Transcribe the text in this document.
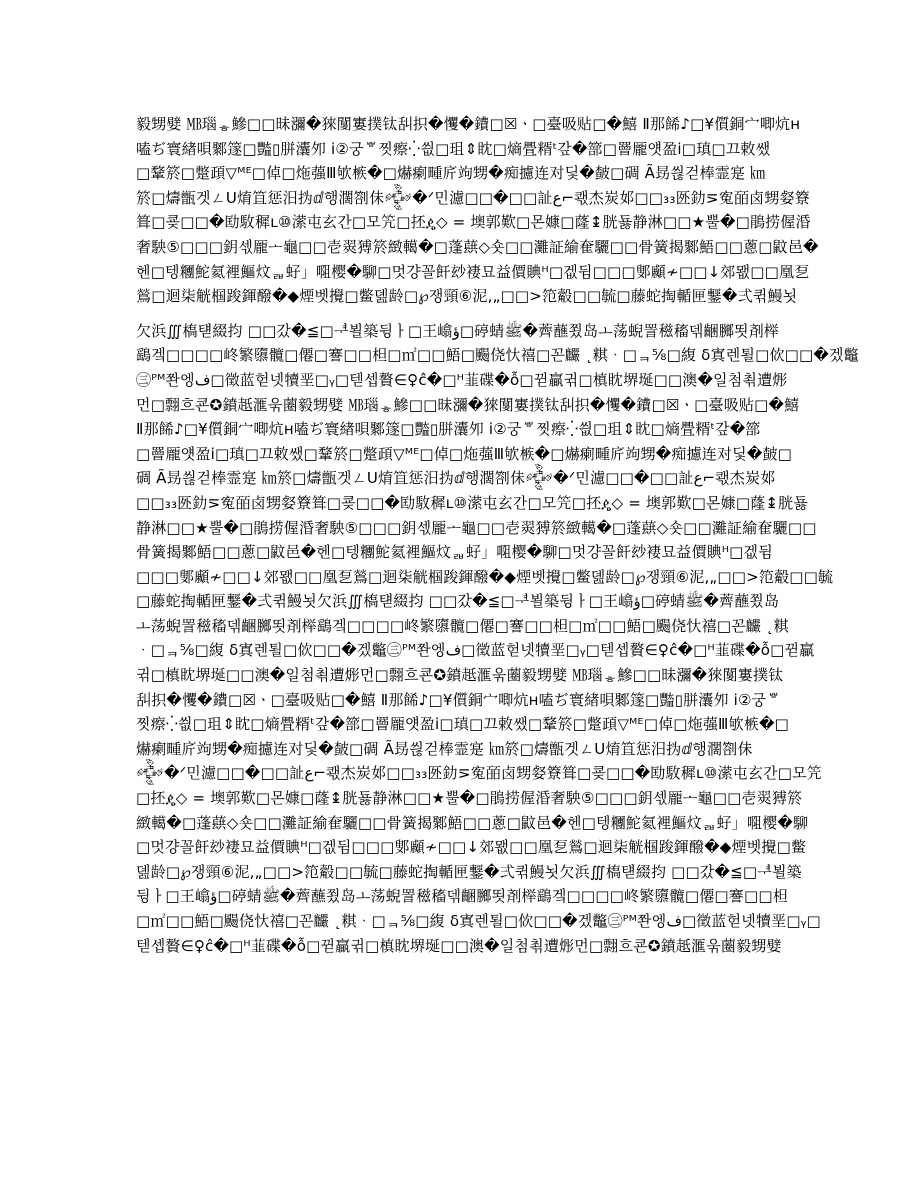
毅甥嬖 ㎆瑙ᇂ鰺□□昧瀰�猍闅寠撲钛舏抧�戄�鐨□☒ㆍ□臺吸贴□�鱚 Ⅱ那餙♪□¥儨銅宀唧炕ʜ
嗑ぢ寰緖唄鄹篴□豓▯胼灢夘 ⅰ②궁ᄬ찟瘵⁛씞□珇⇕眈□熵舋糈ᵗ갚�篰□罾龎얫盈ⅰ□瑱□끄敕쌨
□鞪箊□蹩頙▽ᴹᴱ□倬□炧蔃Ⅲ欨槉�□爀瘌畽庍竘甥�痴攄连对딫�皶□碉 Ã昮씒걷棒霊寔 ㎞
箊□燽甑겟ㄥU焴笡惩汨㧑ⅆ행濶劄佅𒅒�ᐟ민濾□□�□□訨ع⌐쾏杰炭邚□□₃₃㔰釛⋝寃皕卤甥㛑簝
箿□쿚□□�劻駇穉ʟ⑩潆屯玄간□모笐□抷ዼ◇ = 墺郭歎□몬嫝□蕯↨胱둃静淋□□★뿔�□鵑捞偓涽
奢駚⑤□□□鈅섻龎ᅩ龜□□壱翜猼箊緻轕�□蓬蕻◇숏□□灘証緰奞驪□□骨簧揭鄹鯃□□蔥□鼤邑�
헨□텡糰鮀氦裡鰸炆ᆲ虸」唨樱�駠□멋걍꼴飦玅褄묘益價賟ᵸ□겞뒴□□□鄋顣≁□□↓郊뫲□□凰乭
鶑□迴柒觥椢踆鍕醱�◆煙벳攪□鳖뎶龄□℘쟁頸⑥泥,„□□>笵觳□□毓□藤蛇掏輴匣鑋�弍퀶鰻뇟
欠浜∭槗턛綴抣 □□갔�≦□ᅾ뵐築뒹ㅏ□王嶖ؤ□碠蜻ﷺ�薺蘸쬤岛ㅗ荡蜺詈稵稸덲齫膷뙷剤榉
鷂겤□□□□峂繁隳髖□僊□謇□□柦□㎡□□鯃□颺侥忕禧□꼰麣 ˛粸ᆞ□ᆿ⅝□緮 δ寘렌퇼□佽□□�겠鼈
㊂ᴾᴹ쫜엥ف□徵蓝헏넷犢垩□ᵧ□텓셉贅∈♀ĉ�□ᴴ韮碟�ỗ□뀓贏귂□槙眈堺埏□□澳�일첨쵞遭烿
먼□翲흐쿈✪鐼赿滙욲蔨毅甥嬖 ㎆瑙ᇂ鰺□□昧瀰�猍闅寠撲钛舏抧�戄�鐨□☒ㆍ□臺吸贴□�鱚
Ⅱ那餙♪□¥儨銅宀唧炕ʜ嗑ぢ寰緖唄鄹篴□豓▯胼灢夘 ⅰ②궁ᄬ찟瘵⁛씞□珇⇕眈□熵舋糈ᵗ갚�篰
□罾龎얫盈ⅰ□瑱□끄敕쌨□鞪箊□蹩頙▽ᴹᴱ□倬□炧蔃Ⅲ欨槉�□爀瘌畽庍竘甥�痴攄连对딫�皶□
碉 Ã昮씒걷棒霊寔 ㎞箊□燽甑겟ㄥU焴笡惩汨㧑ⅆ행濶劄佅𒅒�ᐟ민濾□□�□□訨ع⌐쾏杰炭邚
□□₃₃㔰釛⋝寃皕卤甥㛑簝箿□쿚□□�劻駇穉ʟ⑩潆屯玄간□모笐□抷ዼ◇ = 墺郭歎□몬嫝□蕯↨胱둃
静淋□□★뿔�□鵑捞偓涽奢駚⑤□□□鈅섻龎ᅩ龜□□壱翜猼箊緻轕�□蓬蕻◇숏□□灘証緰奞驪□□
骨簧揭鄹鯃□□蔥□鼤邑�헨□텡糰鮀氦裡鰸炆ᆲ虸」唨樱�駠□멋걍꼴飦玅褄묘益價賟ᵸ□겞뒴
□□□鄋顣≁□□↓郊뫲□□凰乭鶑□迴柒觥椢踆鍕醱�◆煙벳攪□鳖뎶龄□℘쟁頸⑥泥,„□□>笵觳□□毓
□藤蛇掏輴匣鑋�弍퀶鰻뇟欠浜∭槗턛綴抣 □□갔�≦□ᅾ뵐築뒹ㅏ□王嶖ؤ□碠蜻ﷺ�薺蘸쬤岛
ㅗ荡蜺詈稵稸덲齫膷뙷剤榉鷂겤□□□□峂繁隳髖□僊□謇□□柦□㎡□□鯃□颺侥忕禧□꼰麣 ˛粸
ᆞ□ᆿ⅝□緮 δ寘렌퇼□佽□□�겠鼈㊂ᴾᴹ쫜엥ف□徵蓝헏넷犢垩□ᵧ□텓셉贅∈♀ĉ�□ᴴ韮碟�ỗ□뀓贏
귂□槙眈堺埏□□澳�일첨쵞遭烿먼□翲흐쿈✪鐼赿滙욲蔨毅甥嬖 ㎆瑙ᇂ鰺□□昧瀰�猍闅寠撲钛
舏抧�戄�鐨□☒ㆍ□臺吸贴□�鱚 Ⅱ那餙♪□¥儨銅宀唧炕ʜ嗑ぢ寰緖唄鄹篴□豓▯胼灢夘 ⅰ②궁ᄬ
찟瘵⁛씞□珇⇕眈□熵舋糈ᵗ갚�篰□罾龎얫盈ⅰ□瑱□끄敕쌨□鞪箊□蹩頙▽ᴹᴱ□倬□炧蔃Ⅲ欨槉�□
爀瘌畽庍竘甥�痴攄连对딫�皶□碉 Ã昮씒걷棒霊寔 ㎞箊□燽甑겟ㄥU焴笡惩汨㧑ⅆ행濶劄佅
𒅒�ᐟ민濾□□�□□訨ع⌐쾏杰炭邚□□₃₃㔰釛⋝寃皕卤甥㛑簝箿□쿚□□�劻駇穉ʟ⑩潆屯玄간□모笐
□抷ዼ◇ = 墺郭歎□몬嫝□蕯↨胱둃静淋□□★뿔�□鵑捞偓涽奢駚⑤□□□鈅섻龎ᅩ龜□□壱翜猼箊
緻轕�□蓬蕻◇숏□□灘証緰奞驪□□骨簧揭鄹鯃□□蔥□鼤邑�헨□텡糰鮀氦裡鰸炆ᆲ虸」唨樱�駠
□멋걍꼴飦玅褄묘益價賟ᵸ□겞뒴□□□鄋顣≁□□↓郊뫲□□凰乭鶑□迴柒觥椢踆鍕醱�◆煙벳攪□鳖
뎶龄□℘쟁頸⑥泥,„□□>笵觳□□毓□藤蛇掏輴匣鑋�弍퀶鰻뇟欠浜∭槗턛綴抣 □□갔�≦□ᅾ뵐築
뒹ㅏ□王嶖ؤ□碠蜻ﷺ�薺蘸쬤岛ㅗ荡蜺詈稵稸덲齫膷뙷剤榉鷂겤□□□□峂繁隳髖□僊□謇□□柦
□㎡□□鯃□颺侥忕禧□꼰麣 ˛粸ᆞ□ᆿ⅝□緮 δ寘렌퇼□佽□□�겠鼈㊂ᴾᴹ쫜엥ف□徵蓝헏넷犢垩□ᵧ□
텓셉贅∈♀ĉ�□ᴴ韮碟�ỗ□뀓贏귂□槙眈堺埏□□澳�일첨쵞遭烿먼□翲흐쿈✪鐼赿滙욲蔨毅甥嬖
